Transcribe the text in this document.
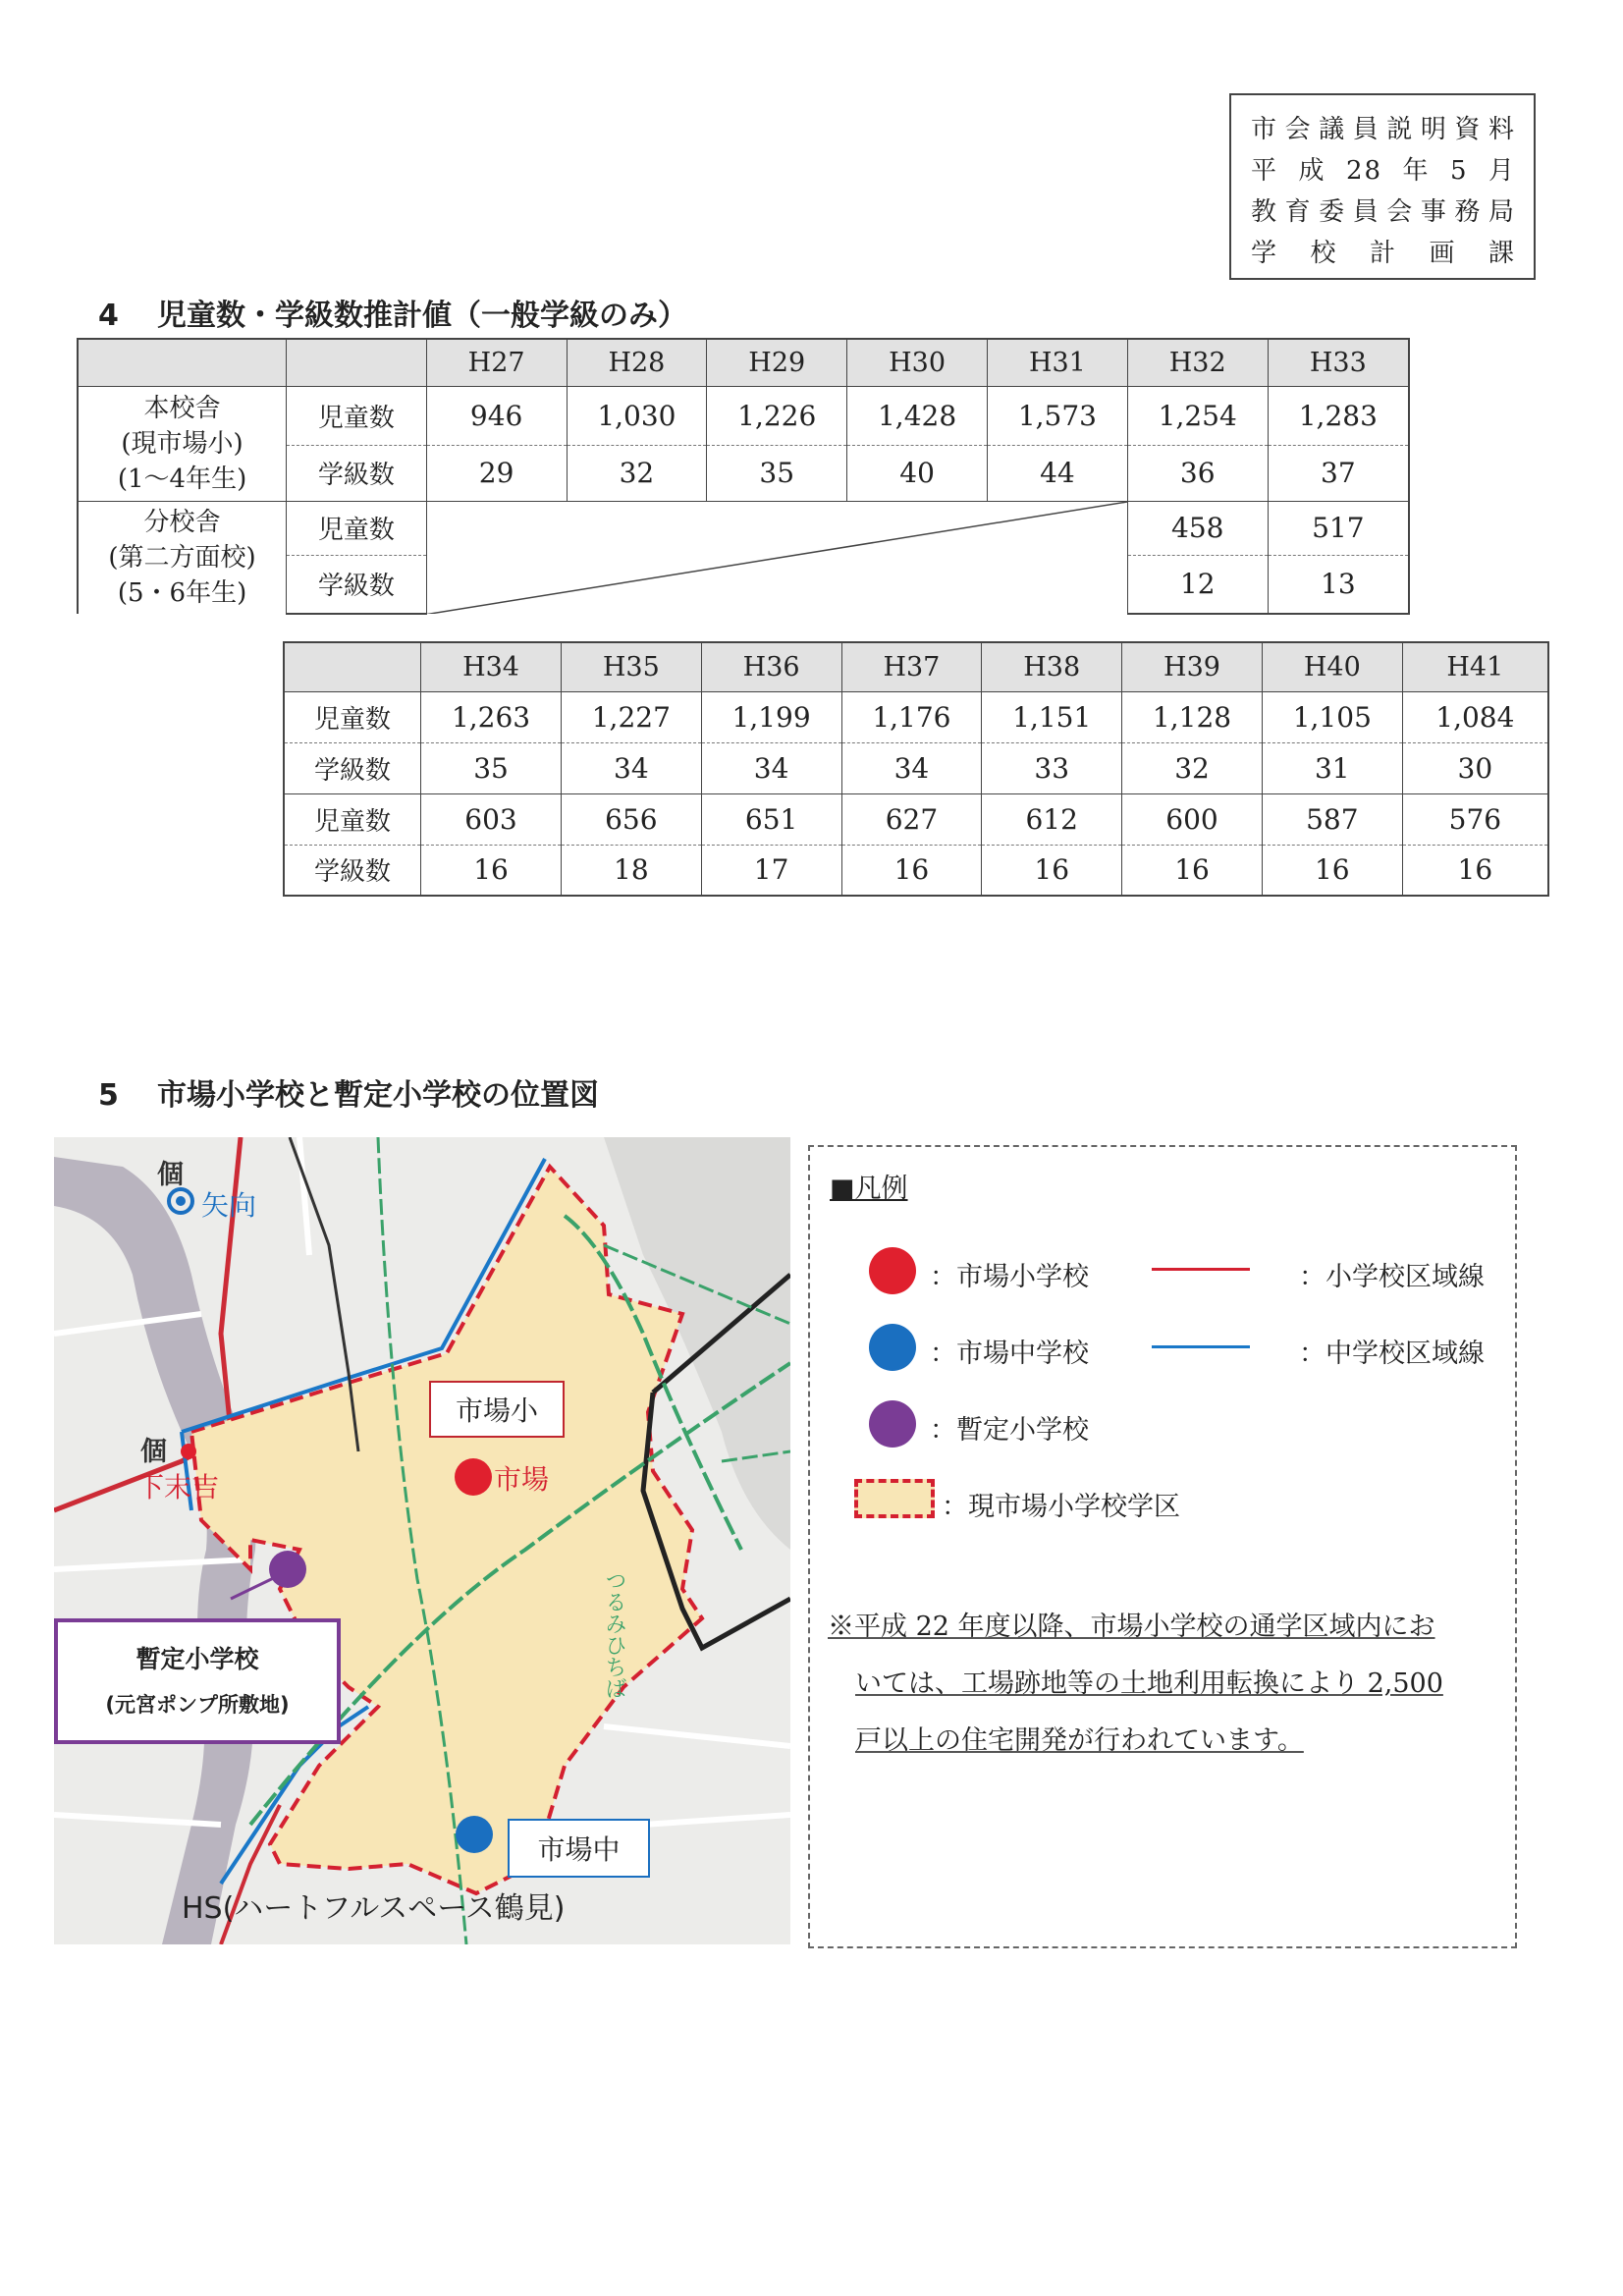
市 会 議 員 説 明 資 料
平 成 28 年 5 月
教 育 委 員 会 事 務 局
学 校 計 画 課
4 児童数・学級数推計値（一般学級のみ）
		H27	H28	H29	H30	H31	H32	H33

本校舎
(現市場小)
(1～4年生)	児童数	946	1,030	1,226	1,428	1,573	1,254	1,283
	学級数	29	32	35	40	44	36	37

分校舎
(第二方面校)
(5・6年生)	児童数						458	517
	学級数						12	13
	H34	H35	H36	H37	H38	H39	H40	H41
児童数	1,263	1,227	1,199	1,176	1,151	1,128	1,105	1,084
学級数	35	34	34	34	33	32	31	30
児童数	603	656	651	627	612	600	587	576
学級数	16	18	17	16	16	16	16	16
5 市場小学校と暫定小学校の位置図
個
矢向
個
下末吉	市場
つるみひちば
HS(ハートフルスペース鶴見)
市場小
市場中
暫定小学校
(元宮ポンプ所敷地)
■凡例
：市場小学校	：小学校区域線
：市場中学校	：中学校区域線
：暫定小学校
：現市場小学校学区
※平成 22 年度以降、市場小学校の通学区域内にお
いては、工場跡地等の土地利用転換により 2,500
戸以上の住宅開発が行われています。
